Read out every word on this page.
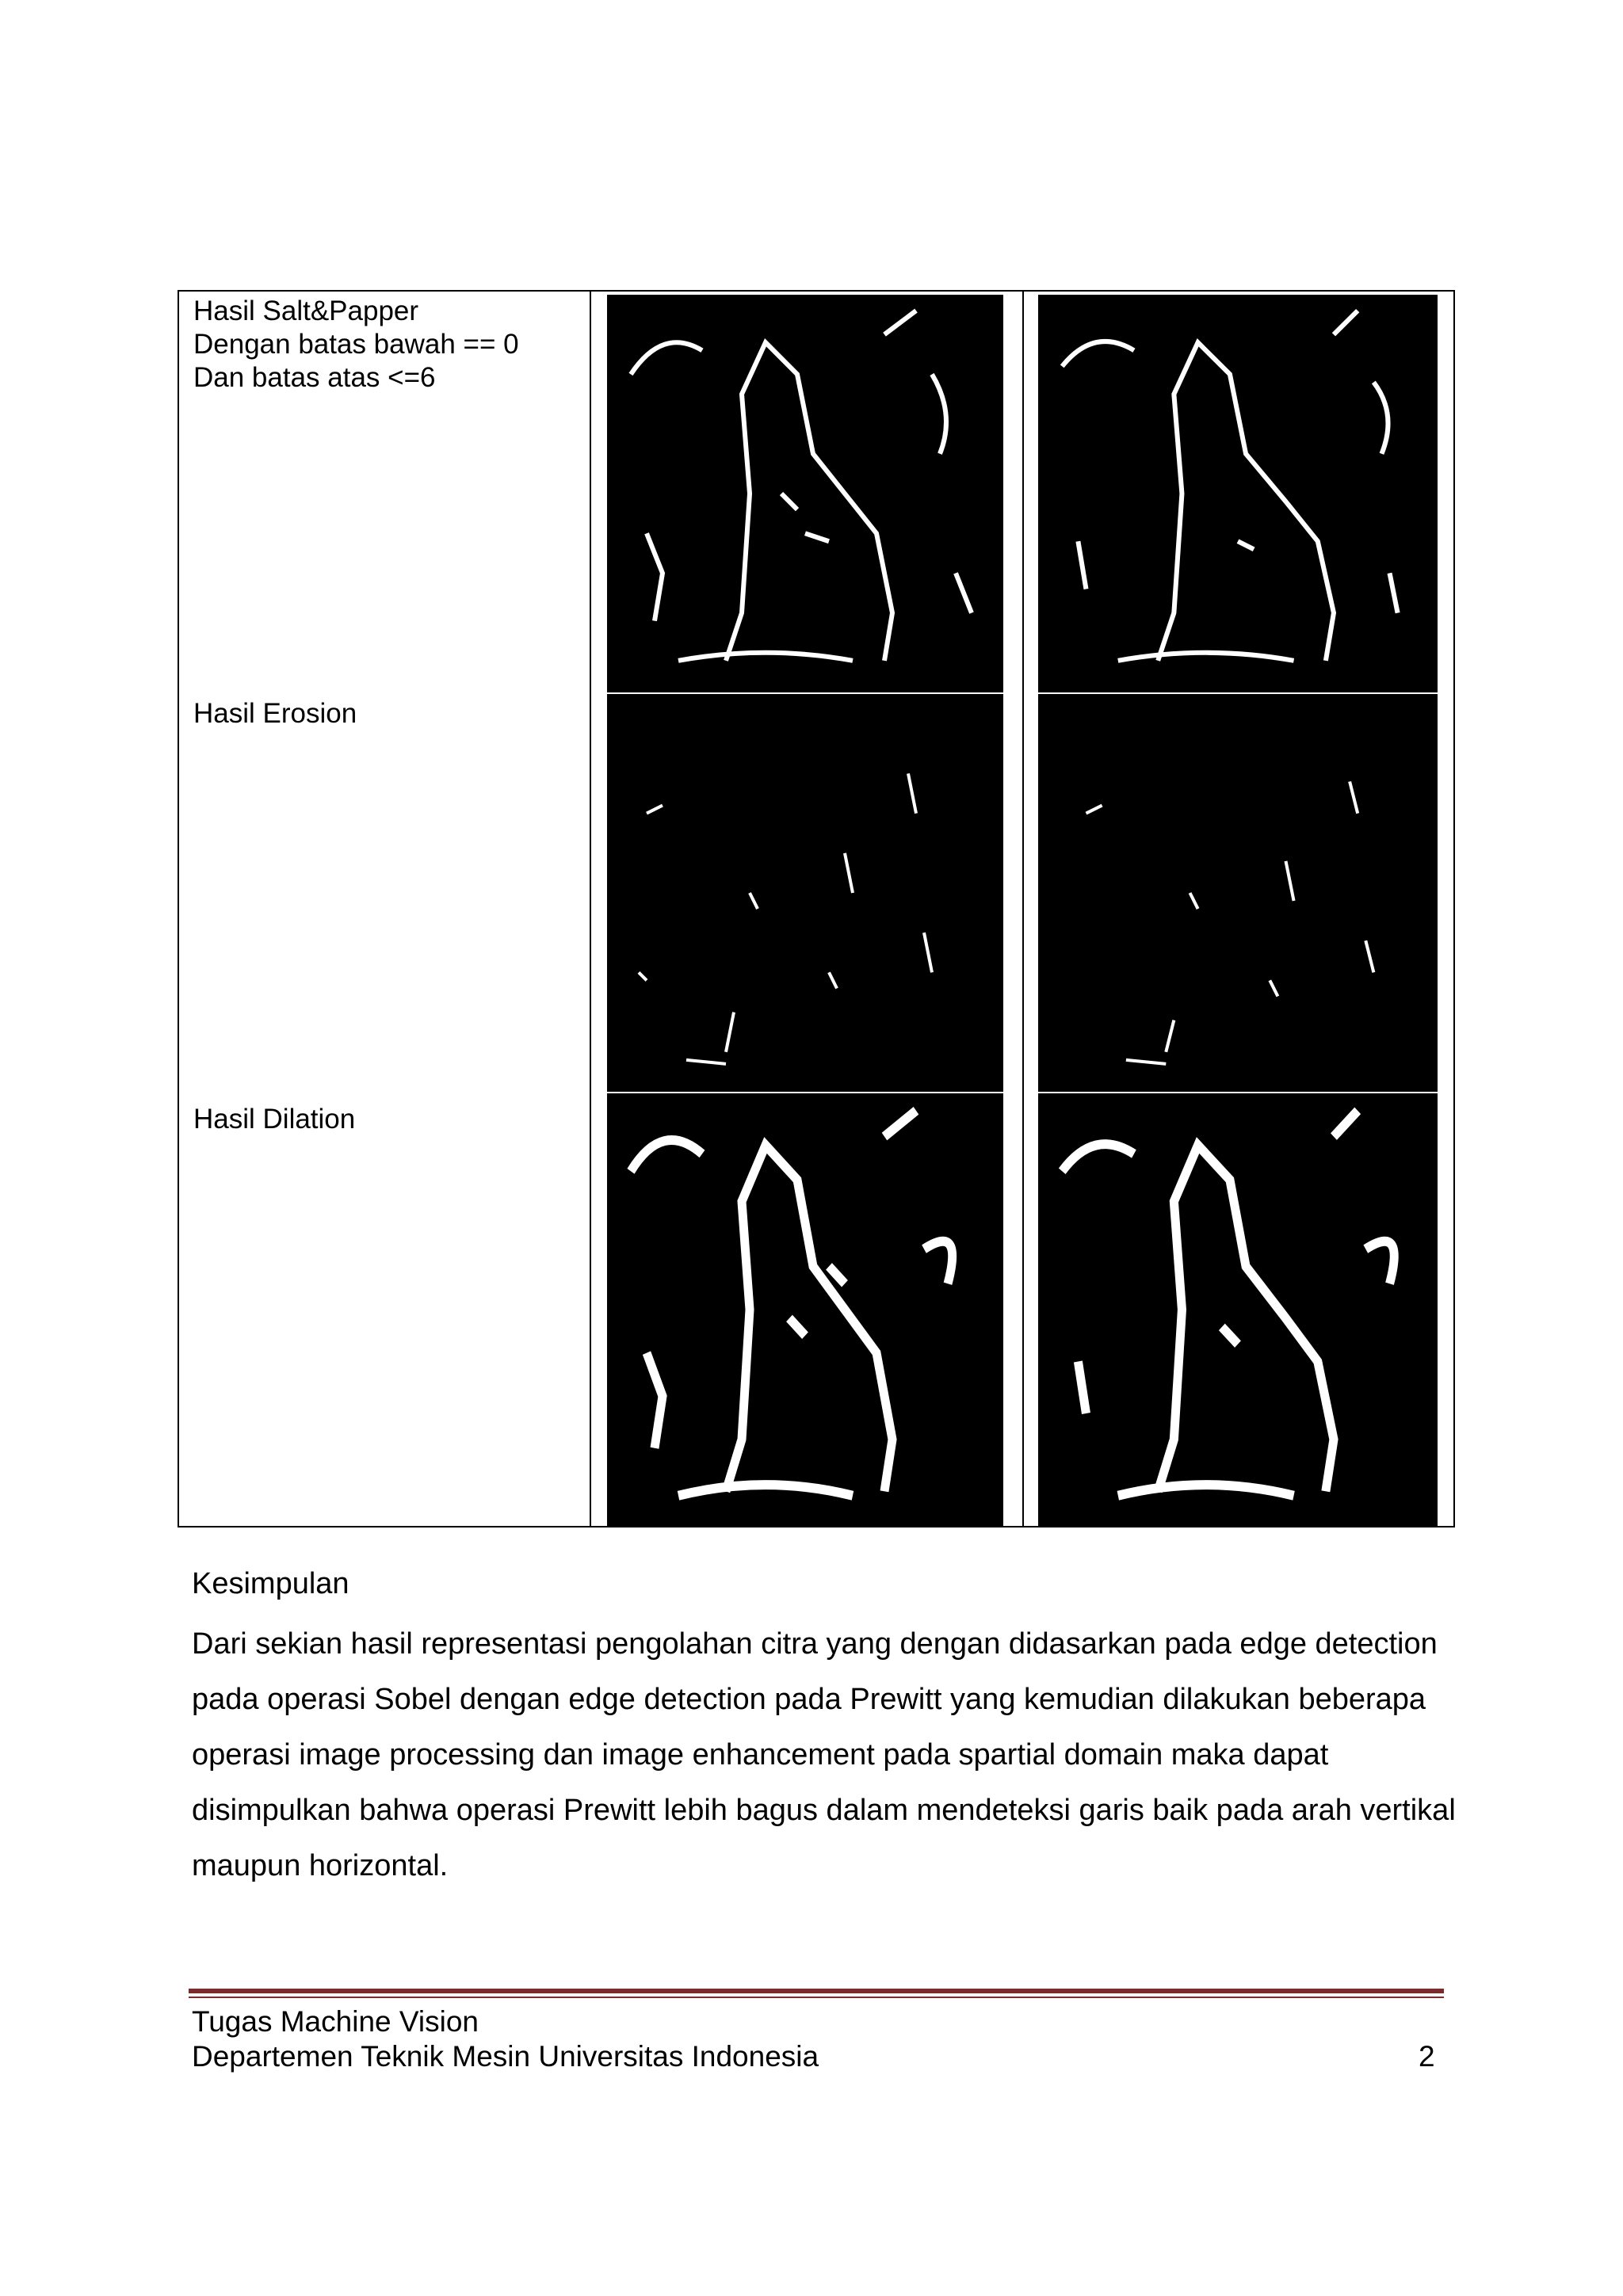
Hasil Salt&Papper
Dengan batas bawah == 0
Dan batas atas <=6
Hasil Erosion
Hasil Dilation
Kesimpulan
Dari sekian hasil representasi pengolahan citra yang dengan didasarkan pada edge detection pada operasi Sobel dengan edge detection pada Prewitt yang kemudian dilakukan beberapa operasi image processing dan image enhancement pada spartial domain maka dapat disimpulkan bahwa operasi Prewitt lebih bagus dalam mendeteksi garis baik pada arah vertikal maupun horizontal.
Tugas Machine Vision
Departemen Teknik Mesin Universitas Indonesia	2
